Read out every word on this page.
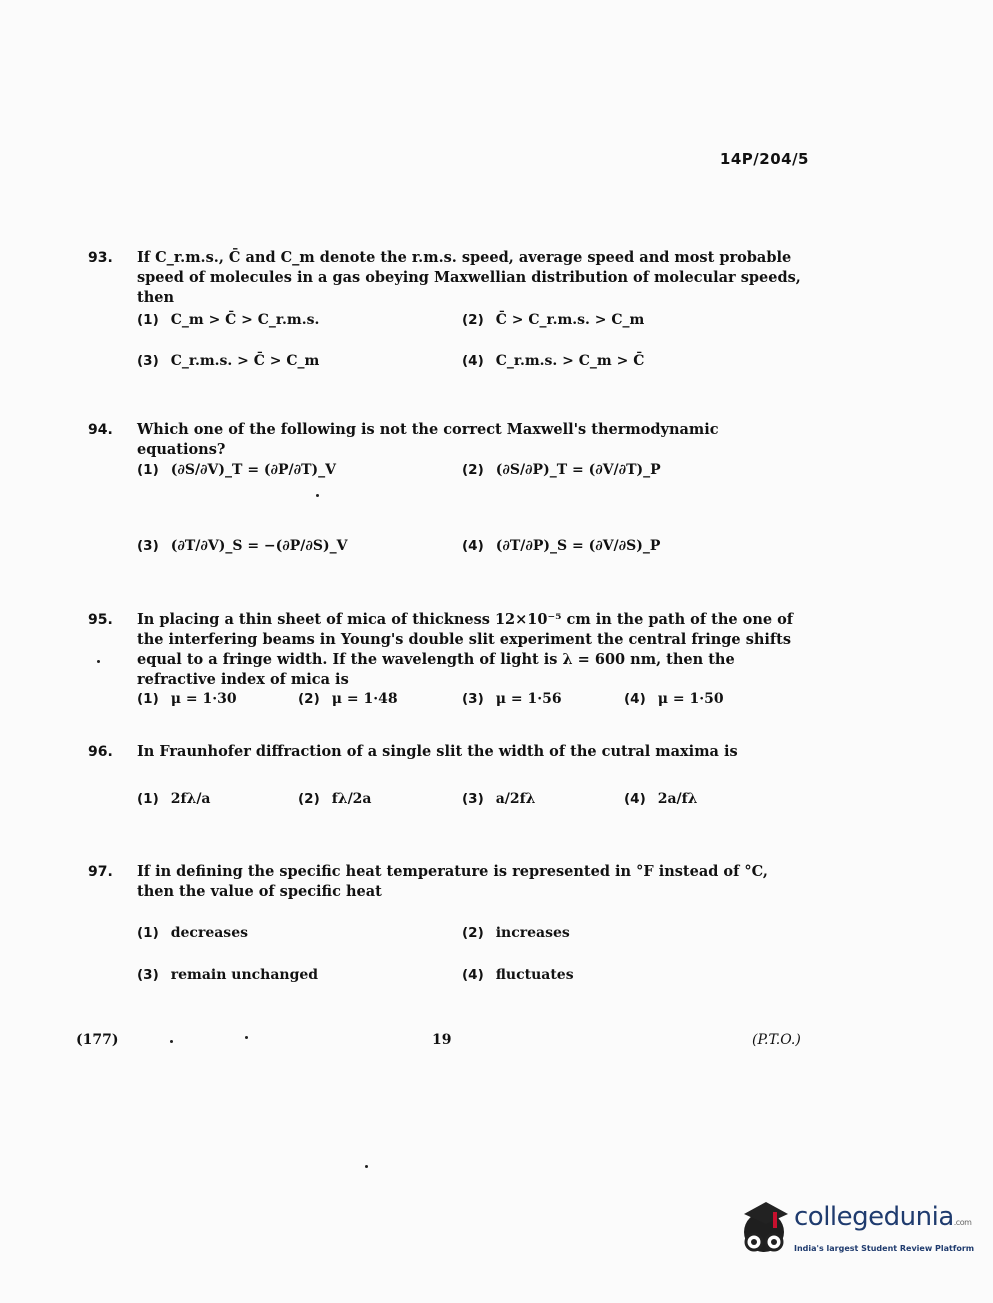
14P/204/5
93. If C_r.m.s., C̄ and C_m denote the r.m.s. speed, average speed and most probable speed of molecules in a gas obeying Maxwellian distribution of molecular speeds, then
(1) C_m > C̄ > C_r.m.s.	(2) C̄ > C_r.m.s. > C_m
(3) C_r.m.s. > C̄ > C_m	(4) C_r.m.s. > C_m > C̄
94. Which one of the following is not the correct Maxwell's thermodynamic equations?
(1) (∂S/∂V)_T = (∂P/∂T)_V	(2) (∂S/∂P)_T = (∂V/∂T)_P
(3) (∂T/∂V)_S = −(∂P/∂S)_V	(4) (∂T/∂P)_S = (∂V/∂S)_P
95. In placing a thin sheet of mica of thickness 12×10⁻⁵ cm in the path of the one of the interfering beams in Young's double slit experiment the central fringe shifts equal to a fringe width. If the wavelength of light is λ = 600 nm, then the refractive index of mica is
(1) μ = 1·30	(2) μ = 1·48	(3) μ = 1·56	(4) μ = 1·50
96. In Fraunhofer diffraction of a single slit the width of the cutral maxima is
(1) 2fλ/a	(2) fλ/2a	(3) a/2fλ	(4) 2a/fλ
97. If in defining the specific heat temperature is represented in °F instead of °C, then the value of specific heat
(1) decreases	(2) increases
(3) remain unchanged	(4) fluctuates
(177)	19	(P.T.O.)
collegedunia.com
India's largest Student Review Platform
